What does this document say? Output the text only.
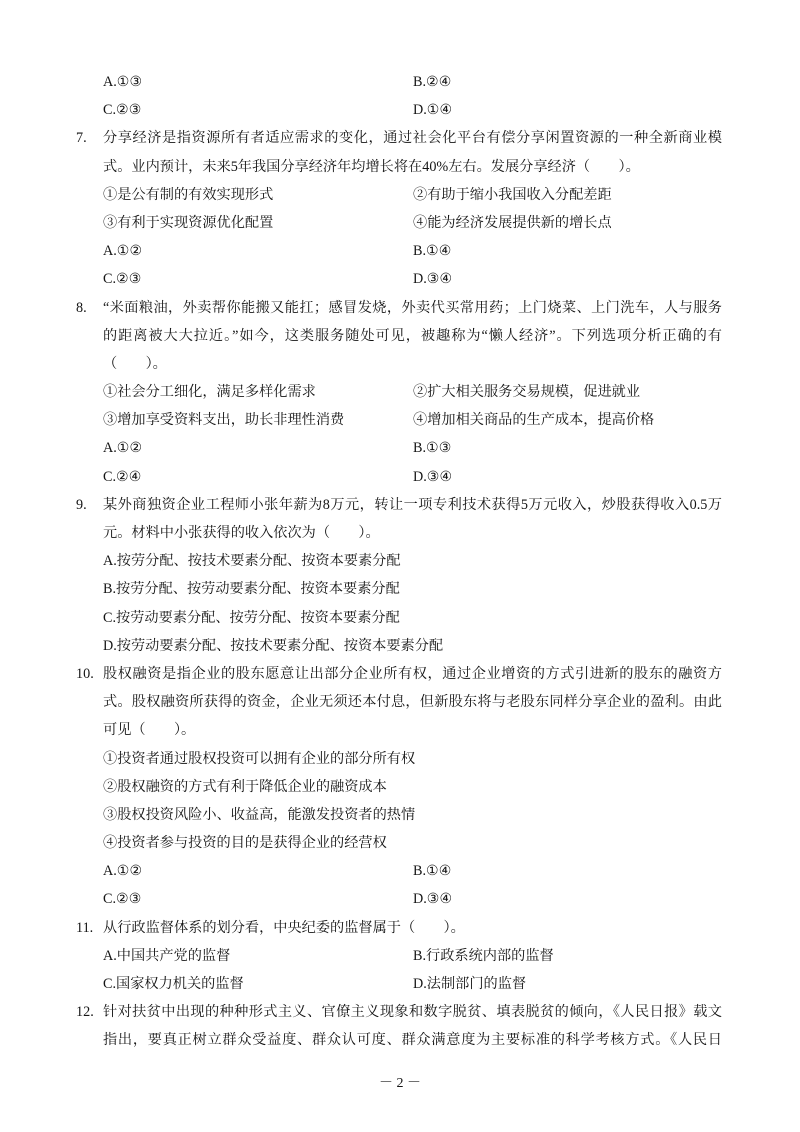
A.①③	B.②④
C.②③	D.①④
7. 分享经济是指资源所有者适应需求的变化，通过社会化平台有偿分享闲置资源的一种全新商业模
式。业内预计，未来5年我国分享经济年均增长将在40%左右。发展分享经济（　　）。
①是公有制的有效实现形式	②有助于缩小我国收入分配差距
③有利于实现资源优化配置	④能为经济发展提供新的增长点
A.①②	B.①④
C.②③	D.③④
8. “米面粮油，外卖帮你能搬又能扛；感冒发烧，外卖代买常用药；上门烧菜、上门洗车，人与服务
的距离被大大拉近。”如今，这类服务随处可见，被趣称为“懒人经济”。下列选项分析正确的有
（　　）。
①社会分工细化，满足多样化需求	②扩大相关服务交易规模，促进就业
③增加享受资料支出，助长非理性消费	④增加相关商品的生产成本，提高价格
A.①②	B.①③
C.②④	D.③④
9. 某外商独资企业工程师小张年薪为8万元，转让一项专利技术获得5万元收入，炒股获得收入0.5万
元。材料中小张获得的收入依次为（　　）。
A.按劳分配、按技术要素分配、按资本要素分配
B.按劳分配、按劳动要素分配、按资本要素分配
C.按劳动要素分配、按劳分配、按资本要素分配
D.按劳动要素分配、按技术要素分配、按资本要素分配
10. 股权融资是指企业的股东愿意让出部分企业所有权，通过企业增资的方式引进新的股东的融资方
式。股权融资所获得的资金，企业无须还本付息，但新股东将与老股东同样分享企业的盈利。由此
可见（　　）。
①投资者通过股权投资可以拥有企业的部分所有权
②股权融资的方式有利于降低企业的融资成本
③股权投资风险小、收益高，能激发投资者的热情
④投资者参与投资的目的是获得企业的经营权
A.①②	B.①④
C.②③	D.③④
11. 从行政监督体系的划分看，中央纪委的监督属于（　　）。
A.中国共产党的监督	B.行政系统内部的监督
C.国家权力机关的监督	D.法制部门的监督
12. 针对扶贫中出现的种种形式主义、官僚主义现象和数字脱贫、填表脱贫的倾向，《人民日报》载文
指出，要真正树立群众受益度、群众认可度、群众满意度为主要标准的科学考核方式。《人民日
－ 2 －
